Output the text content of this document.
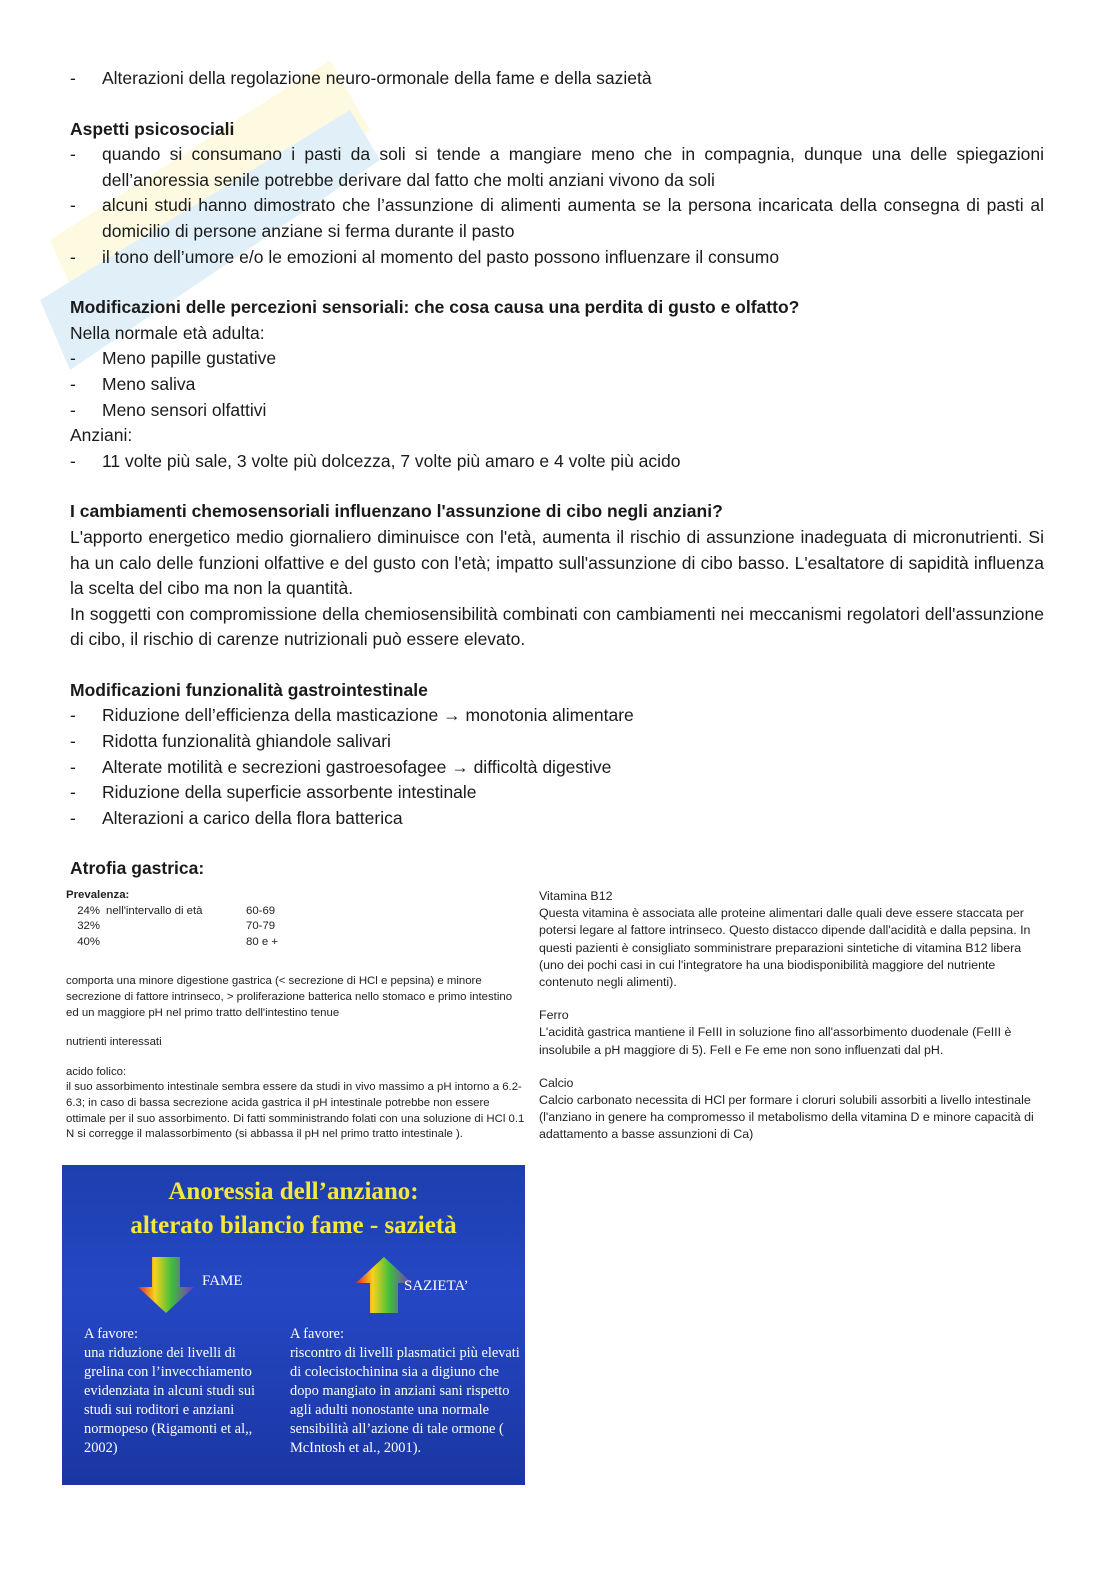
-	Alterazioni della regolazione neuro-ormonale della fame e della sazietà
Aspetti psicosociali
-	quando si consumano i pasti da soli si tende a mangiare meno che in compagnia, dunque una delle spiegazioni dell’anoressia senile potrebbe derivare dal fatto che molti anziani vivono da soli
-	alcuni studi hanno dimostrato che l’assunzione di alimenti aumenta se la persona incaricata della consegna di pasti al domicilio di persone anziane si ferma durante il pasto
-	il tono dell’umore e/o le emozioni al momento del pasto possono influenzare il consumo
Modificazioni delle percezioni sensoriali: che cosa causa una perdita di gusto e olfatto?
Nella normale età adulta:
-	Meno papille gustative
-	Meno saliva
-	Meno sensori olfattivi
Anziani:
-	11 volte più sale, 3 volte più dolcezza, 7 volte più amaro e 4 volte più acido
I cambiamenti chemosensoriali influenzano l'assunzione di cibo negli anziani?
L'apporto energetico medio giornaliero diminuisce con l'età, aumenta il rischio di assunzione inadeguata di micronutrienti. Si ha un calo delle funzioni olfattive e del gusto con l'età; impatto sull'assunzione di cibo basso. L'esaltatore di sapidità influenza la scelta del cibo ma non la quantità.
In soggetti con compromissione della chemiosensibilità combinati con cambiamenti nei meccanismi regolatori dell'assunzione di cibo, il rischio di carenze nutrizionali può essere elevato.
Modificazioni funzionalità gastrointestinale
-	Riduzione dell’efficienza della masticazione → monotonia alimentare
-	Ridotta funzionalità ghiandole salivari
-	Alterate motilità e secrezioni gastroesofagee → difficoltà digestive
-	Riduzione della superficie assorbente intestinale
-	Alterazioni a carico della flora batterica
Atrofia gastrica:
Prevalenza:
24% nell'intervallo di età	60-69
32%	70-79
40%	80 e +
comporta una minore digestione gastrica (< secrezione di HCl e pepsina) e minore secrezione di fattore intrinseco, > proliferazione batterica nello stomaco e primo intestino ed un maggiore pH nel primo tratto dell'intestino tenue
nutrienti interessati
acido folico:
il suo assorbimento intestinale sembra essere da studi in vivo massimo a pH intorno a 6.2-6.3; in caso di bassa secrezione acida gastrica il pH intestinale potrebbe non essere ottimale per il suo assorbimento. Di fatti somministrando folati con una soluzione di HCl 0.1 N si corregge il malassorbimento (si abbassa il pH nel primo tratto intestinale ).
Vitamina B12
Questa vitamina è associata alle proteine alimentari dalle quali deve essere staccata per potersi legare al fattore intrinseco. Questo distacco dipende dall'acidità e dalla pepsina. In questi pazienti è consigliato somministrare preparazioni sintetiche di vitamina B12 libera (uno dei pochi casi in cui l'integratore ha una biodisponibilità maggiore del nutriente contenuto negli alimenti).
Ferro
L'acidità gastrica mantiene il FeIII in soluzione fino all'assorbimento duodenale (FeIII è insolubile a pH maggiore di 5). FeII e Fe eme non sono influenzati dal pH.
Calcio
Calcio carbonato necessita di HCl per formare i cloruri solubili assorbiti a livello intestinale (l'anziano in genere ha compromesso il metabolismo della vitamina D e minore capacità di adattamento a basse assunzioni di Ca)
Anoressia dell’anziano:
alterato bilancio fame - sazietà
FAME	SAZIETA’
A favore:
una riduzione dei livelli di grelina con l’invecchiamento evidenziata in alcuni studi sui studi sui roditori e anziani normopeso (Rigamonti et al,, 2002)
A favore:
riscontro di livelli plasmatici più elevati di colecistochinina sia a digiuno che dopo mangiato in anziani sani rispetto agli adulti nonostante una normale sensibilità all’azione di tale ormone ( McIntosh et al., 2001).
